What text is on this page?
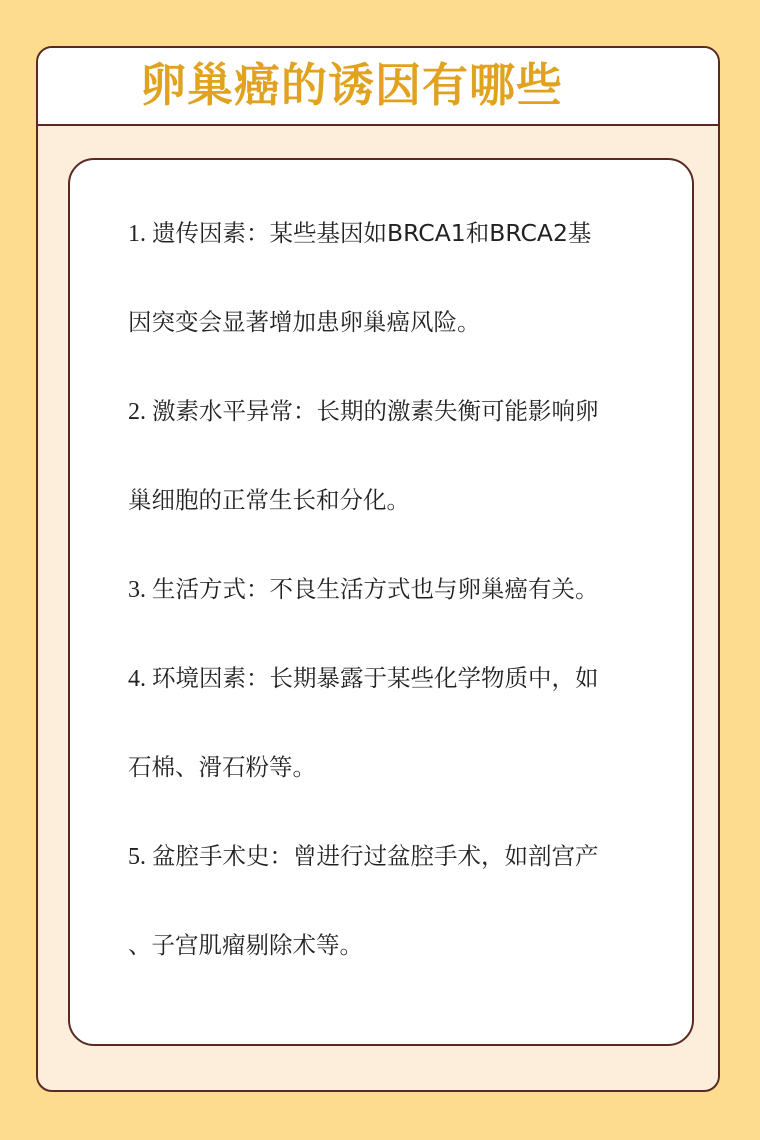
卵巢癌的诱因有哪些
1. 遗传因素：某些基因如BRCA1和BRCA2基
因突变会显著增加患卵巢癌风险。
2. 激素水平异常：长期的激素失衡可能影响卵
巢细胞的正常生长和分化。
3. 生活方式：不良生活方式也与卵巢癌有关。
4. 环境因素：长期暴露于某些化学物质中，如
石棉、滑石粉等。
5. 盆腔手术史：曾进行过盆腔手术，如剖宫产
、子宫肌瘤剔除术等。
